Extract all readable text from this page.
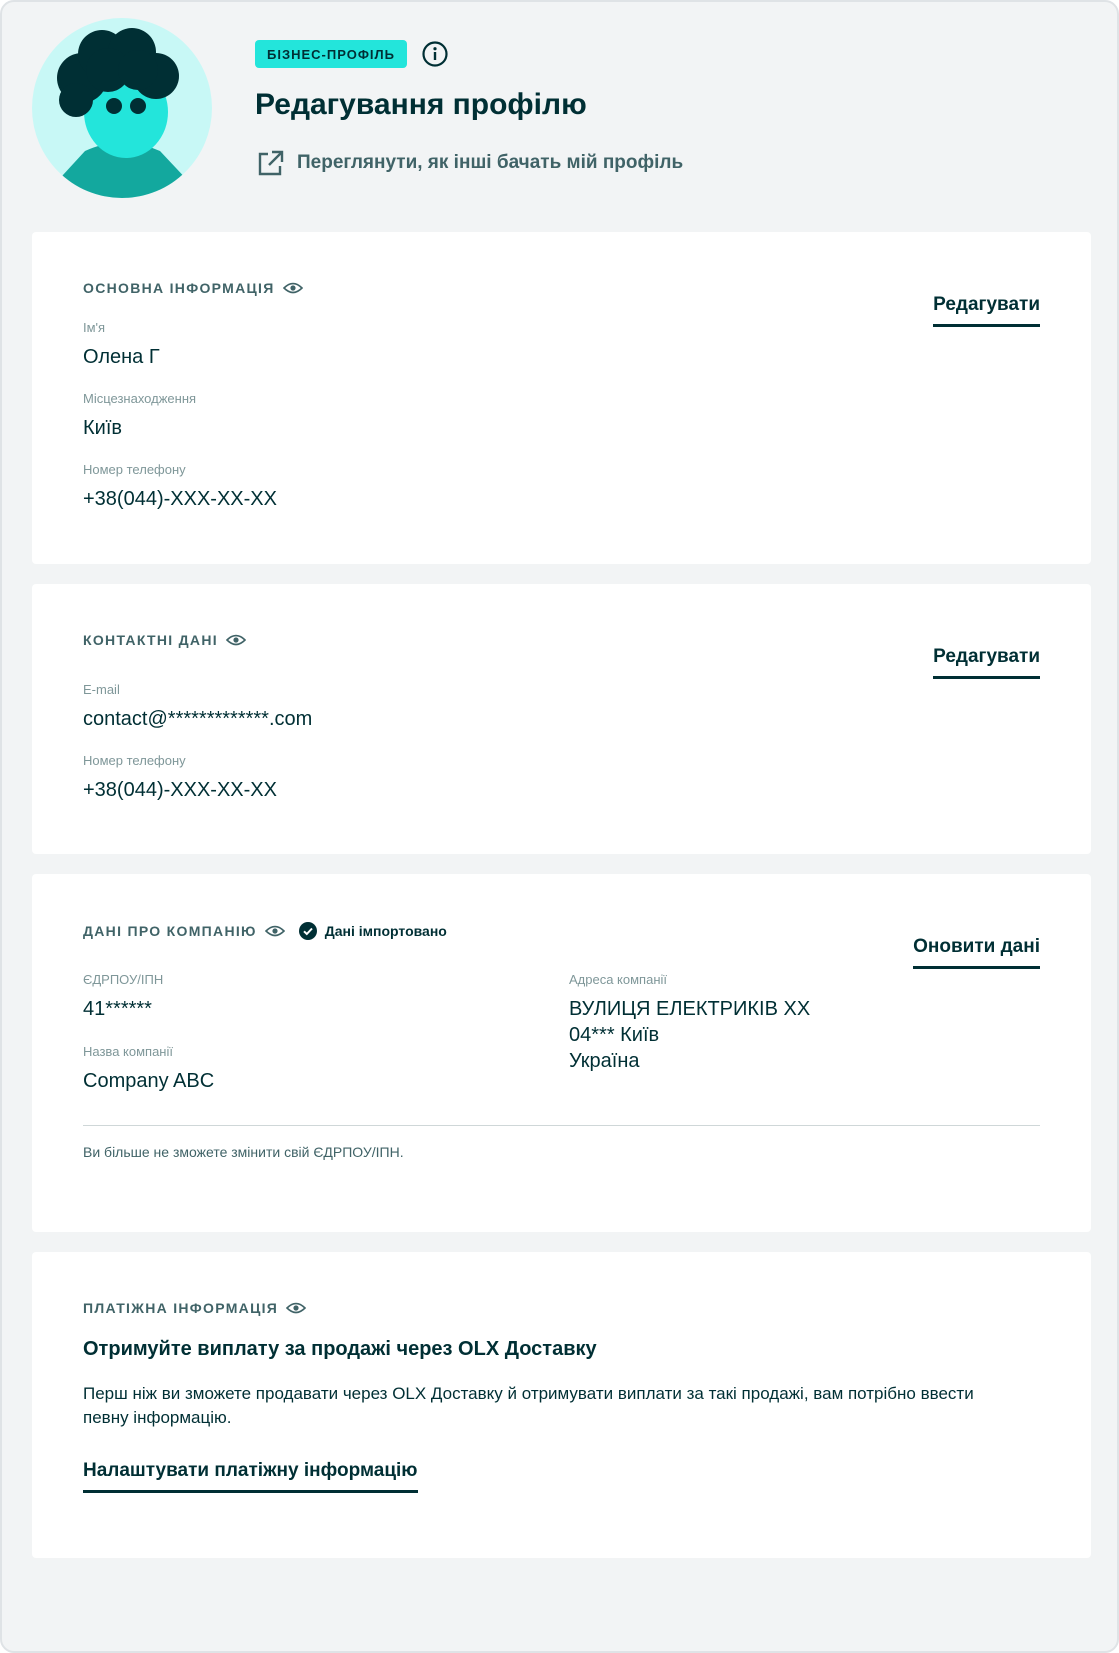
БІЗНЕС-ПРОФІЛЬ
Редагування профілю
Переглянути, як інші бачать мій профіль
ОСНОВНА ІНФОРМАЦІЯ
Редагувати
Ім'я
Олена Г
Місцезнаходження
Київ
Номер телефону
+38(044)-XXX-XX-XX
КОНТАКТНІ ДАНІ
Редагувати
E-mail
contact@*************.com
Номер телефону
+38(044)-XXX-XX-XX
ДАНІ ПРО КОМПАНІЮ	Дані імпортовано
Оновити дані
ЄДРПОУ/ІПН
41******
Назва компанії
Company ABC
Адреса компанії
ВУЛИЦЯ ЕЛЕКТРИКІВ XX
04*** Київ
Україна
Ви більше не зможете змінити свій ЄДРПОУ/ІПН.
ПЛАТІЖНА ІНФОРМАЦІЯ
Отримуйте виплату за продажі через OLX Доставку

Перш ніж ви зможете продавати через OLX Доставку й отримувати виплати за такі продажі, вам потрібно ввести певну інформацію.

Налаштувати платіжну інформацію
